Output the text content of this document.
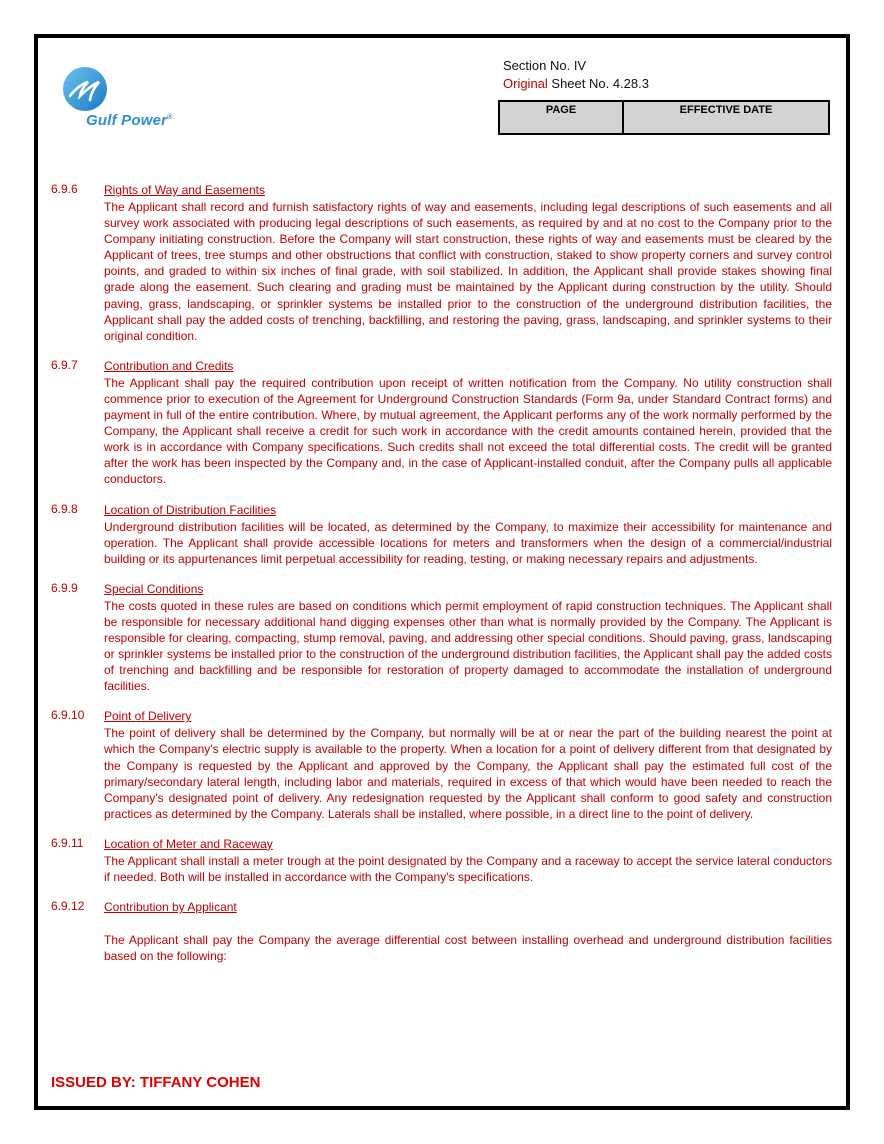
Gulf Power®
Section No. IV
Original Sheet No. 4.28.3
PAGE	EFFECTIVE DATE
6.9.6 Rights of Way and Easements

The Applicant shall record and furnish satisfactory rights of way and easements, including legal descriptions of such easements and all survey work associated with producing legal descriptions of such easements, as required by and at no cost to the Company prior to the Company initiating construction. Before the Company will start construction, these rights of way and easements must be cleared by the Applicant of trees, tree stumps and other obstructions that conflict with construction, staked to show property corners and survey control points, and graded to within six inches of final grade, with soil stabilized. In addition, the Applicant shall provide stakes showing final grade along the easement. Such clearing and grading must be maintained by the Applicant during construction by the utility. Should paving, grass, landscaping, or sprinkler systems be installed prior to the construction of the underground distribution facilities, the Applicant shall pay the added costs of trenching, backfilling, and restoring the paving, grass, landscaping, and sprinkler systems to their original condition.

6.9.7 Contribution and Credits

The Applicant shall pay the required contribution upon receipt of written notification from the Company. No utility construction shall commence prior to execution of the Agreement for Underground Construction Standards (Form 9a, under Standard Contract forms) and payment in full of the entire contribution. Where, by mutual agreement, the Applicant performs any of the work normally performed by the Company, the Applicant shall receive a credit for such work in accordance with the credit amounts contained herein, provided that the work is in accordance with Company specifications. Such credits shall not exceed the total differential costs. The credit will be granted after the work has been inspected by the Company and, in the case of Applicant-installed conduit, after the Company pulls all applicable conductors.

6.9.8 Location of Distribution Facilities

Underground distribution facilities will be located, as determined by the Company, to maximize their accessibility for maintenance and operation. The Applicant shall provide accessible locations for meters and transformers when the design of a commercial/industrial building or its appurtenances limit perpetual accessibility for reading, testing, or making necessary repairs and adjustments.

6.9.9 Special Conditions

The costs quoted in these rules are based on conditions which permit employment of rapid construction techniques. The Applicant shall be responsible for necessary additional hand digging expenses other than what is normally provided by the Company. The Applicant is responsible for clearing, compacting, stump removal, paving, and addressing other special conditions. Should paving, grass, landscaping or sprinkler systems be installed prior to the construction of the underground distribution facilities, the Applicant shall pay the added costs of trenching and backfilling and be responsible for restoration of property damaged to accommodate the installation of underground facilities.

6.9.10 Point of Delivery

The point of delivery shall be determined by the Company, but normally will be at or near the part of the building nearest the point at which the Company's electric supply is available to the property. When a location for a point of delivery different from that designated by the Company is requested by the Applicant and approved by the Company, the Applicant shall pay the estimated full cost of the primary/secondary lateral length, including labor and materials, required in excess of that which would have been needed to reach the Company's designated point of delivery. Any redesignation requested by the Applicant shall conform to good safety and construction practices as determined by the Company. Laterals shall be installed, where possible, in a direct line to the point of delivery.

6.9.11 Location of Meter and Raceway

The Applicant shall install a meter trough at the point designated by the Company and a raceway to accept the service lateral conductors if needed. Both will be installed in accordance with the Company's specifications.

6.9.12 Contribution by Applicant

The Applicant shall pay the Company the average differential cost between installing overhead and underground distribution facilities based on the following:

ISSUED BY: TIFFANY COHEN
